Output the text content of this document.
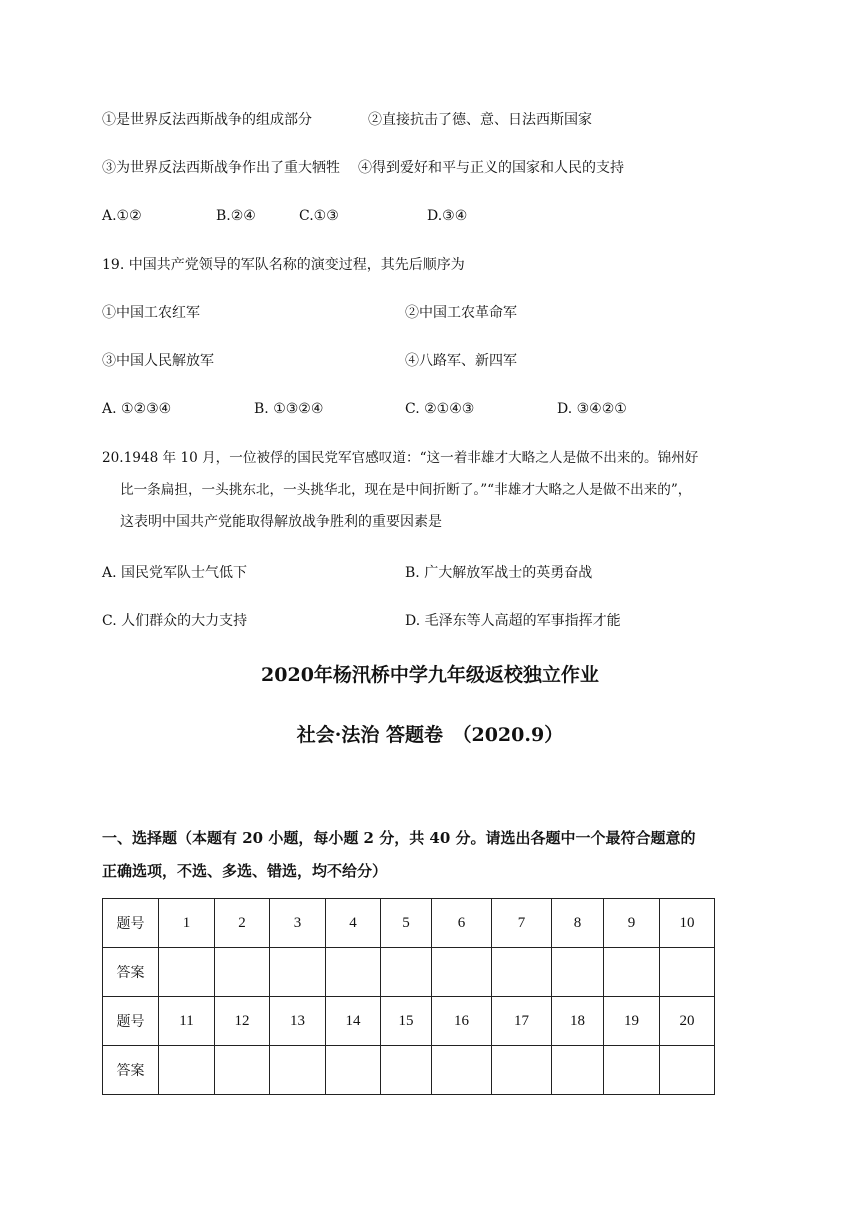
①是世界反法西斯战争的组成部分	②直接抗击了德、意、日法西斯国家
③为世界反法西斯战争作出了重大牺牲 ④得到爱好和平与正义的国家和人民的支持
A.①②	B.②④	C.①③	D.③④
19. 中国共产党领导的军队名称的演变过程，其先后顺序为
①中国工农红军	②中国工农革命军
③中国人民解放军	④八路军、新四军
A. ①②③④	B. ①③②④	C. ②①④③	D. ③④②①
20.1948 年 10 月，一位被俘的国民党军官感叹道：“这一着非雄才大略之人是做不出来的。锦州好
比一条扁担，一头挑东北，一头挑华北，现在是中间折断了。”“非雄才大略之人是做不出来的”，
这表明中国共产党能取得解放战争胜利的重要因素是
A. 国民党军队士气低下	B. 广大解放军战士的英勇奋战
C. 人们群众的大力支持	D. 毛泽东等人高超的军事指挥才能
2020年杨汛桥中学九年级返校独立作业
社会·法治 答题卷　（2020.9）
一、选择题（本题有 20 小题，每小题 2 分，共 40 分。请选出各题中一个最符合题意的
正确选项，不选、多选、错选，均不给分）
题号	1	2	3	4	5	6	7	8	9	10
答案										
题号	11	12	13	14	15	16	17	18	19	20
答案										
